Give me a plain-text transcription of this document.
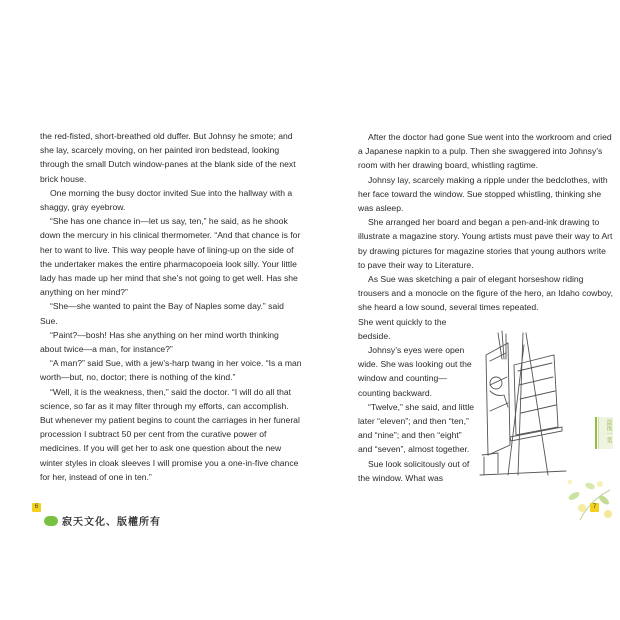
the red-fisted, short-breathed old duffer. But Johnsy he smote; and she lay, scarcely moving, on her painted iron bedstead, looking through the small Dutch window-panes at the blank side of the next brick house.

One morning the busy doctor invited Sue into the hallway with a shaggy, gray eyebrow.

“She has one chance in—let us say, ten,” he said, as he shook down the mercury in his clinical thermometer. “And that chance is for her to want to live. This way people have of lining-up on the side of the undertaker makes the entire pharmacopoeia look silly. Your little lady has made up her mind that she’s not going to get well. Has she anything on her mind?”

“She—she wanted to paint the Bay of Naples some day.” said Sue.

“Paint?—bosh! Has she anything on her mind worth thinking about twice—a man, for instance?”

“A man?” said Sue, with a jew’s-harp twang in her voice. “Is a man worth—but, no, doctor; there is nothing of the kind.”

“Well, it is the weakness, then,” said the doctor. “I will do all that science, so far as it may filter through my efforts, can accomplish. But whenever my patient begins to count the carriages in her funeral procession I subtract 50 per cent from the curative power of medicines. If you will get her to ask one question about the new winter styles in cloak sleeves I will promise you a one-in-five chance for her, instead of one in ten.”

6
寂天文化、版權所有

After the doctor had gone Sue went into the workroom and cried a Japanese napkin to a pulp. Then she swaggered into Johnsy’s room with her drawing board, whistling ragtime.

Johnsy lay, scarcely making a ripple under the bedclothes, with her face toward the window. Sue stopped whistling, thinking she was asleep.

She arranged her board and began a pen-and-ink drawing to illustrate a magazine story. Young artists must pave their way to Art by drawing pictures for magazine stories that young authors write to pave their way to Literature.

As Sue was sketching a pair of elegant horseshow riding trousers and a monocle on the figure of the hero, an Idaho cowboy, she heard a low sound, several times repeated.

She went quickly to the

bedside.

Johnsy’s eyes were open wide. She was looking out the window and counting—counting backward.

“Twelve,” she said, and little later “eleven”; and then “ten,” and “nine”; and then “eight” and “seven”, almost together.

Sue look solicitously out of the window. What was

最後一葉
7
